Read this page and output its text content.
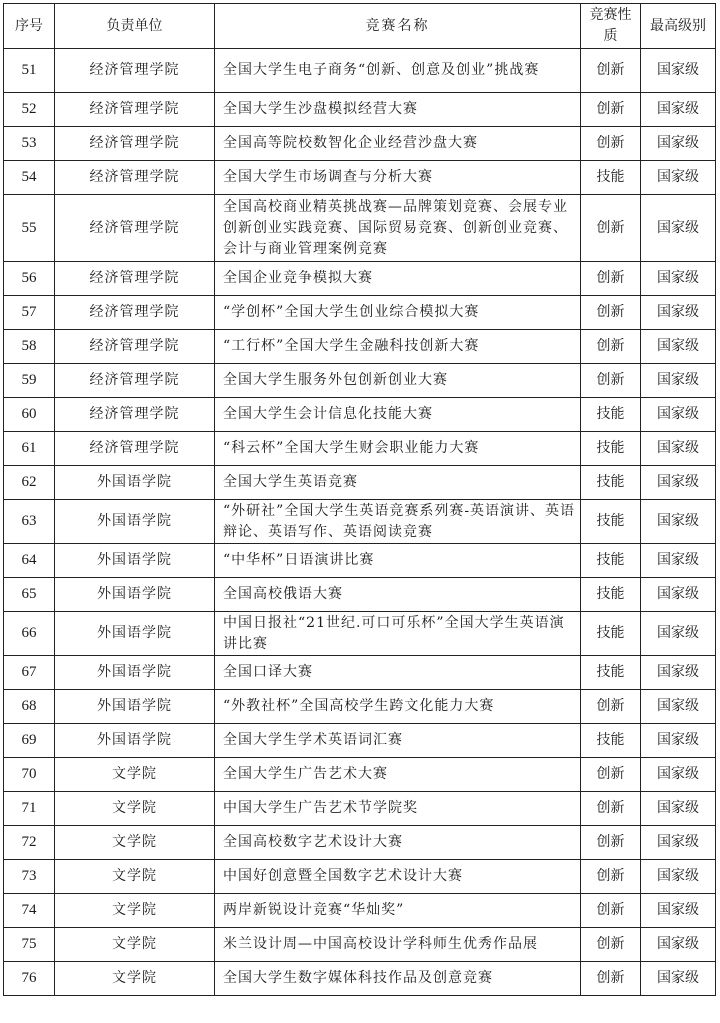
序号	负责单位	竞赛名称	竞赛性质	最高级别
51	经济管理学院	全国大学生电子商务“创新、创意及创业”挑战赛	创新	国家级
52	经济管理学院	全国大学生沙盘模拟经营大赛	创新	国家级
53	经济管理学院	全国高等院校数智化企业经营沙盘大赛	创新	国家级
54	经济管理学院	全国大学生市场调查与分析大赛	技能	国家级
55	经济管理学院	全国高校商业精英挑战赛—品牌策划竞赛、会展专业创新创业实践竞赛、国际贸易竞赛、创新创业竞赛、会计与商业管理案例竞赛	创新	国家级
56	经济管理学院	全国企业竞争模拟大赛	创新	国家级
57	经济管理学院	“学创杯”全国大学生创业综合模拟大赛	创新	国家级
58	经济管理学院	“工行杯”全国大学生金融科技创新大赛	创新	国家级
59	经济管理学院	全国大学生服务外包创新创业大赛	创新	国家级
60	经济管理学院	全国大学生会计信息化技能大赛	技能	国家级
61	经济管理学院	“科云杯”全国大学生财会职业能力大赛	技能	国家级
62	外国语学院	全国大学生英语竞赛	技能	国家级
63	外国语学院	“外研社”全国大学生英语竞赛系列赛-英语演讲、英语辩论、英语写作、英语阅读竞赛	技能	国家级
64	外国语学院	“中华杯”日语演讲比赛	技能	国家级
65	外国语学院	全国高校俄语大赛	技能	国家级
66	外国语学院	中国日报社“21世纪.可口可乐杯”全国大学生英语演讲比赛	技能	国家级
67	外国语学院	全国口译大赛	技能	国家级
68	外国语学院	“外教社杯”全国高校学生跨文化能力大赛	创新	国家级
69	外国语学院	全国大学生学术英语词汇赛	技能	国家级
70	文学院	全国大学生广告艺术大赛	创新	国家级
71	文学院	中国大学生广告艺术节学院奖	创新	国家级
72	文学院	全国高校数字艺术设计大赛	创新	国家级
73	文学院	中国好创意暨全国数字艺术设计大赛	创新	国家级
74	文学院	两岸新锐设计竞赛“华灿奖”	创新	国家级
75	文学院	米兰设计周—中国高校设计学科师生优秀作品展	创新	国家级
76	文学院	全国大学生数字媒体科技作品及创意竞赛	创新	国家级
